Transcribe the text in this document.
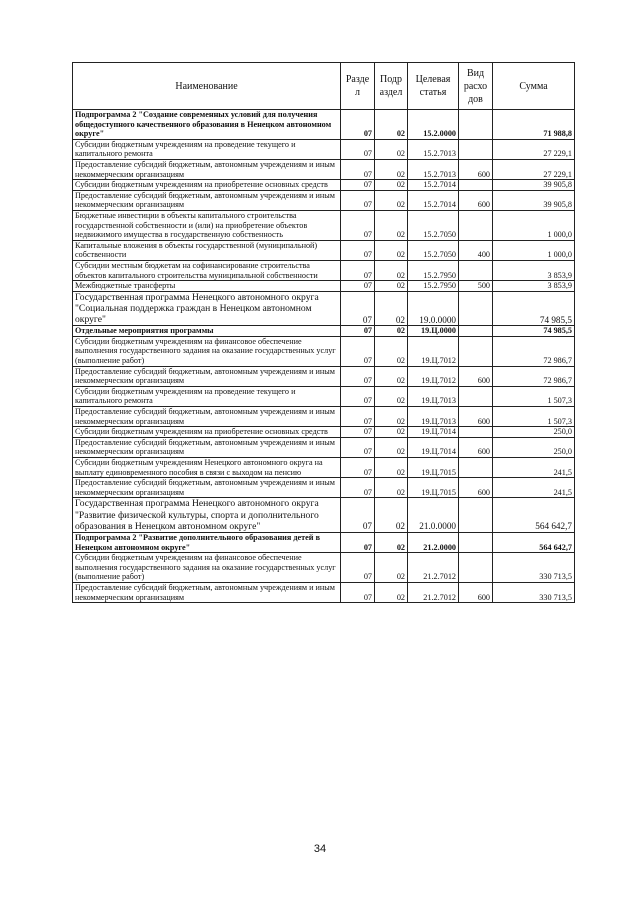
Наименование	Разде л	Подр аздел	Целевая статья	Вид расхо дов	Сумма
Подпрограмма 2 "Создание современных условий для получения общедоступного качественного образования в Ненецком автономном округе"	07	02	15.2.0000		71 988,8
Субсидии бюджетным учреждениям на проведение текущего и капитального ремонта	07	02	15.2.7013		27 229,1
Предоставление субсидий бюджетным, автономным учреждениям и иным некоммерческим организациям	07	02	15.2.7013	600	27 229,1
Субсидии бюджетным учреждениям на приобретение основных средств	07	02	15.2.7014		39 905,8
Предоставление субсидий бюджетным, автономным учреждениям и иным некоммерческим организациям	07	02	15.2.7014	600	39 905,8
Бюджетные инвестиции в объекты капитального строительства государственной собственности и (или) на приобретение объектов недвижимого имущества в государственную собственность	07	02	15.2.7050		1 000,0
Капитальные вложения в объекты государственной (муниципальной) собственности	07	02	15.2.7050	400	1 000,0
Субсидии местным бюджетам на софинансирование строительства объектов капитального строительства муниципальной собственности	07	02	15.2.7950		3 853,9
Межбюджетные трансферты	07	02	15.2.7950	500	3 853,9
Государственная программа Ненецкого автономного округа "Социальная поддержка граждан в Ненецком автономном округе"	07	02	19.0.0000		74 985,5
Отдельные мероприятия программы	07	02	19.Ц.0000		74 985,5
Субсидии бюджетным учреждениям на финансовое обеспечение выполнения государственного задания на оказание государственных услуг (выполнение работ)	07	02	19.Ц.7012		72 986,7
Предоставление субсидий бюджетным, автономным учреждениям и иным некоммерческим организациям	07	02	19.Ц.7012	600	72 986,7
Субсидии бюджетным учреждениям на проведение текущего и капитального ремонта	07	02	19.Ц.7013		1 507,3
Предоставление субсидий бюджетным, автономным учреждениям и иным некоммерческим организациям	07	02	19.Ц.7013	600	1 507,3
Субсидии бюджетным учреждениям на приобретение основных средств	07	02	19.Ц.7014		250,0
Предоставление субсидий бюджетным, автономным учреждениям и иным некоммерческим организациям	07	02	19.Ц.7014	600	250,0
Субсидии бюджетным учреждениям Ненецкого автономного округа на выплату единовременного пособия в связи с выходом на пенсию	07	02	19.Ц.7015		241,5
Предоставление субсидий бюджетным, автономным учреждениям и иным некоммерческим организациям	07	02	19.Ц.7015	600	241,5
Государственная программа Ненецкого автономного округа "Развитие физической культуры, спорта и дополнительного образования в Ненецком автономном округе"	07	02	21.0.0000		564 642,7
Подпрограмма 2 "Развитие дополнительного образования детей в Ненецком автономном округе"	07	02	21.2.0000		564 642,7
Субсидии бюджетным учреждениям на финансовое обеспечение выполнения государственного задания на оказание государственных услуг (выполнение работ)	07	02	21.2.7012		330 713,5
Предоставление субсидий бюджетным, автономным учреждениям и иным некоммерческим организациям	07	02	21.2.7012	600	330 713,5
34
